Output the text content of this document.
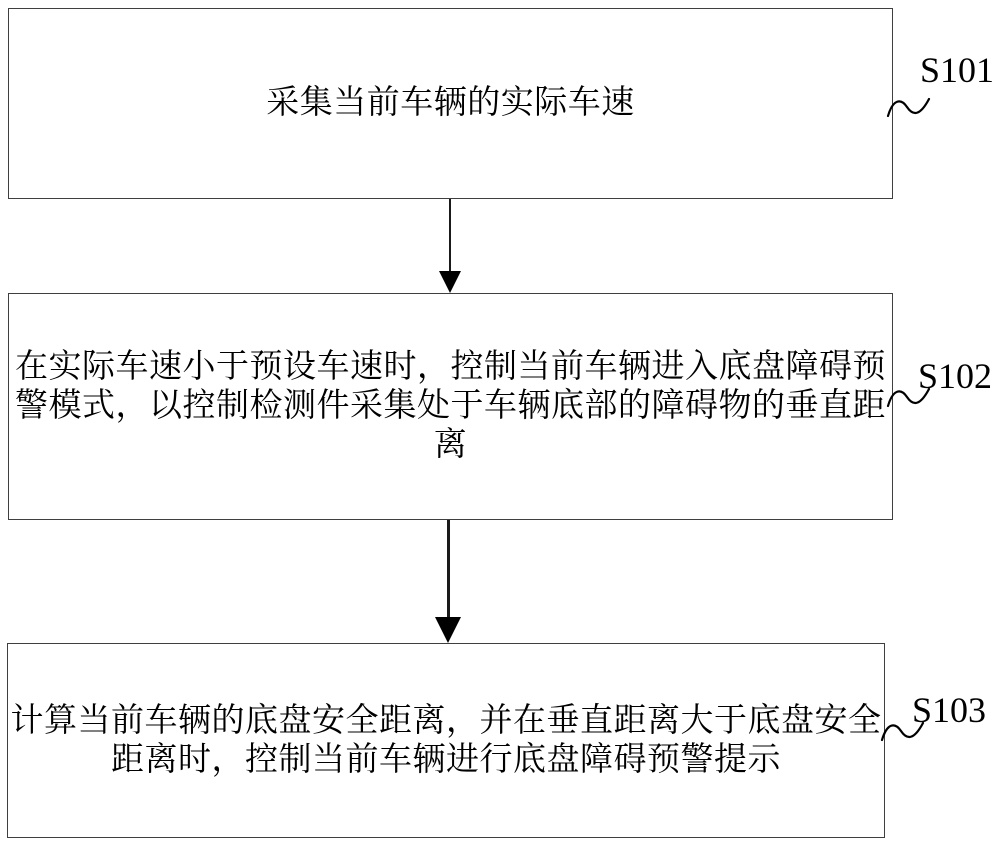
采集当前车辆的实际车速
在实际车速小于预设车速时，控制当前车辆进入底盘障碍预
警模式，以控制检测件采集处于车辆底部的障碍物的垂直距
离
计算当前车辆的底盘安全距离，并在垂直距离大于底盘安全
距离时，控制当前车辆进行底盘障碍预警提示
S101
S102
S103
